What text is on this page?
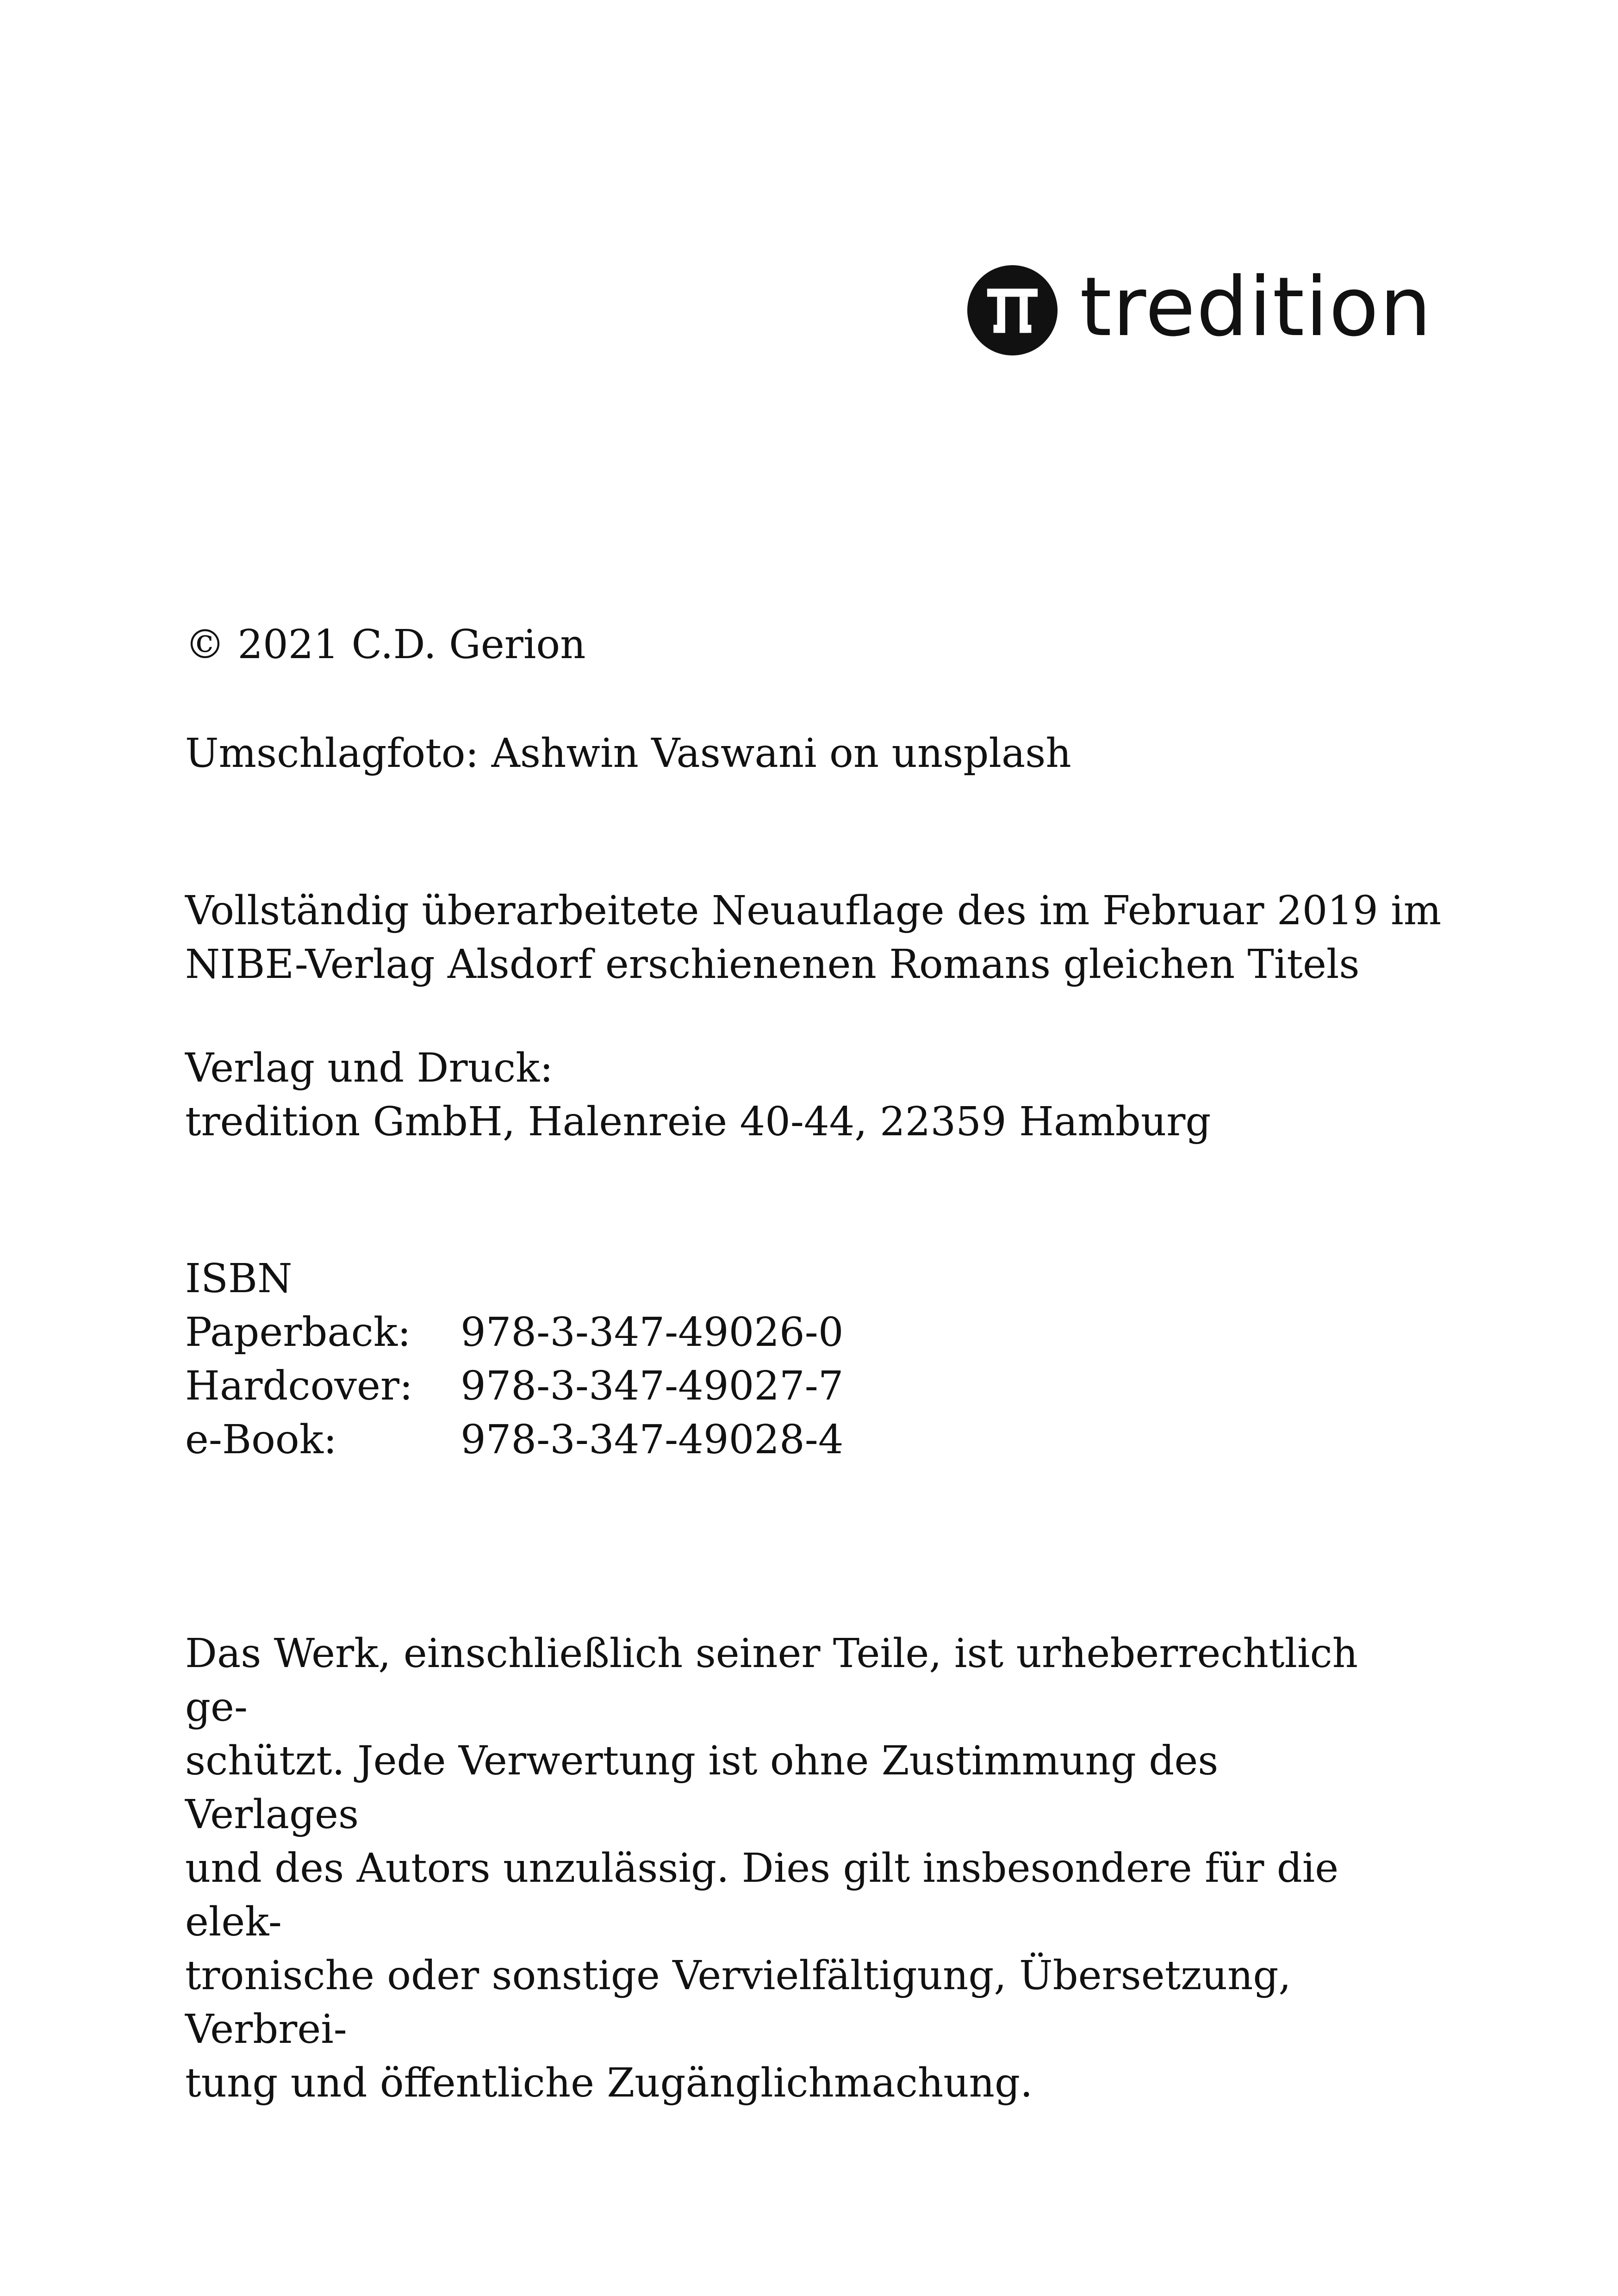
tredition
© 2021 C.D. Gerion
Umschlagfoto: Ashwin Vaswani on unsplash
Vollständig überarbeitete Neuauflage des im Februar 2019 im
NIBE-Verlag Alsdorf erschienenen Romans gleichen Titels
Verlag und Druck:
tredition GmbH, Halenreie 40-44, 22359 Hamburg
ISBN
Paperback:	978-3-347-49026-0
Hardcover:	978-3-347-49027-7
e-Book:	978-3-347-49028-4
Das Werk, einschließlich seiner Teile, ist urheberrechtlich ge-
schützt. Jede Verwertung ist ohne Zustimmung des Verlages
und des Autors unzulässig. Dies gilt insbesondere für die elek-
tronische oder sonstige Vervielfältigung, Übersetzung, Verbrei-
tung und öffentliche Zugänglichmachung.
